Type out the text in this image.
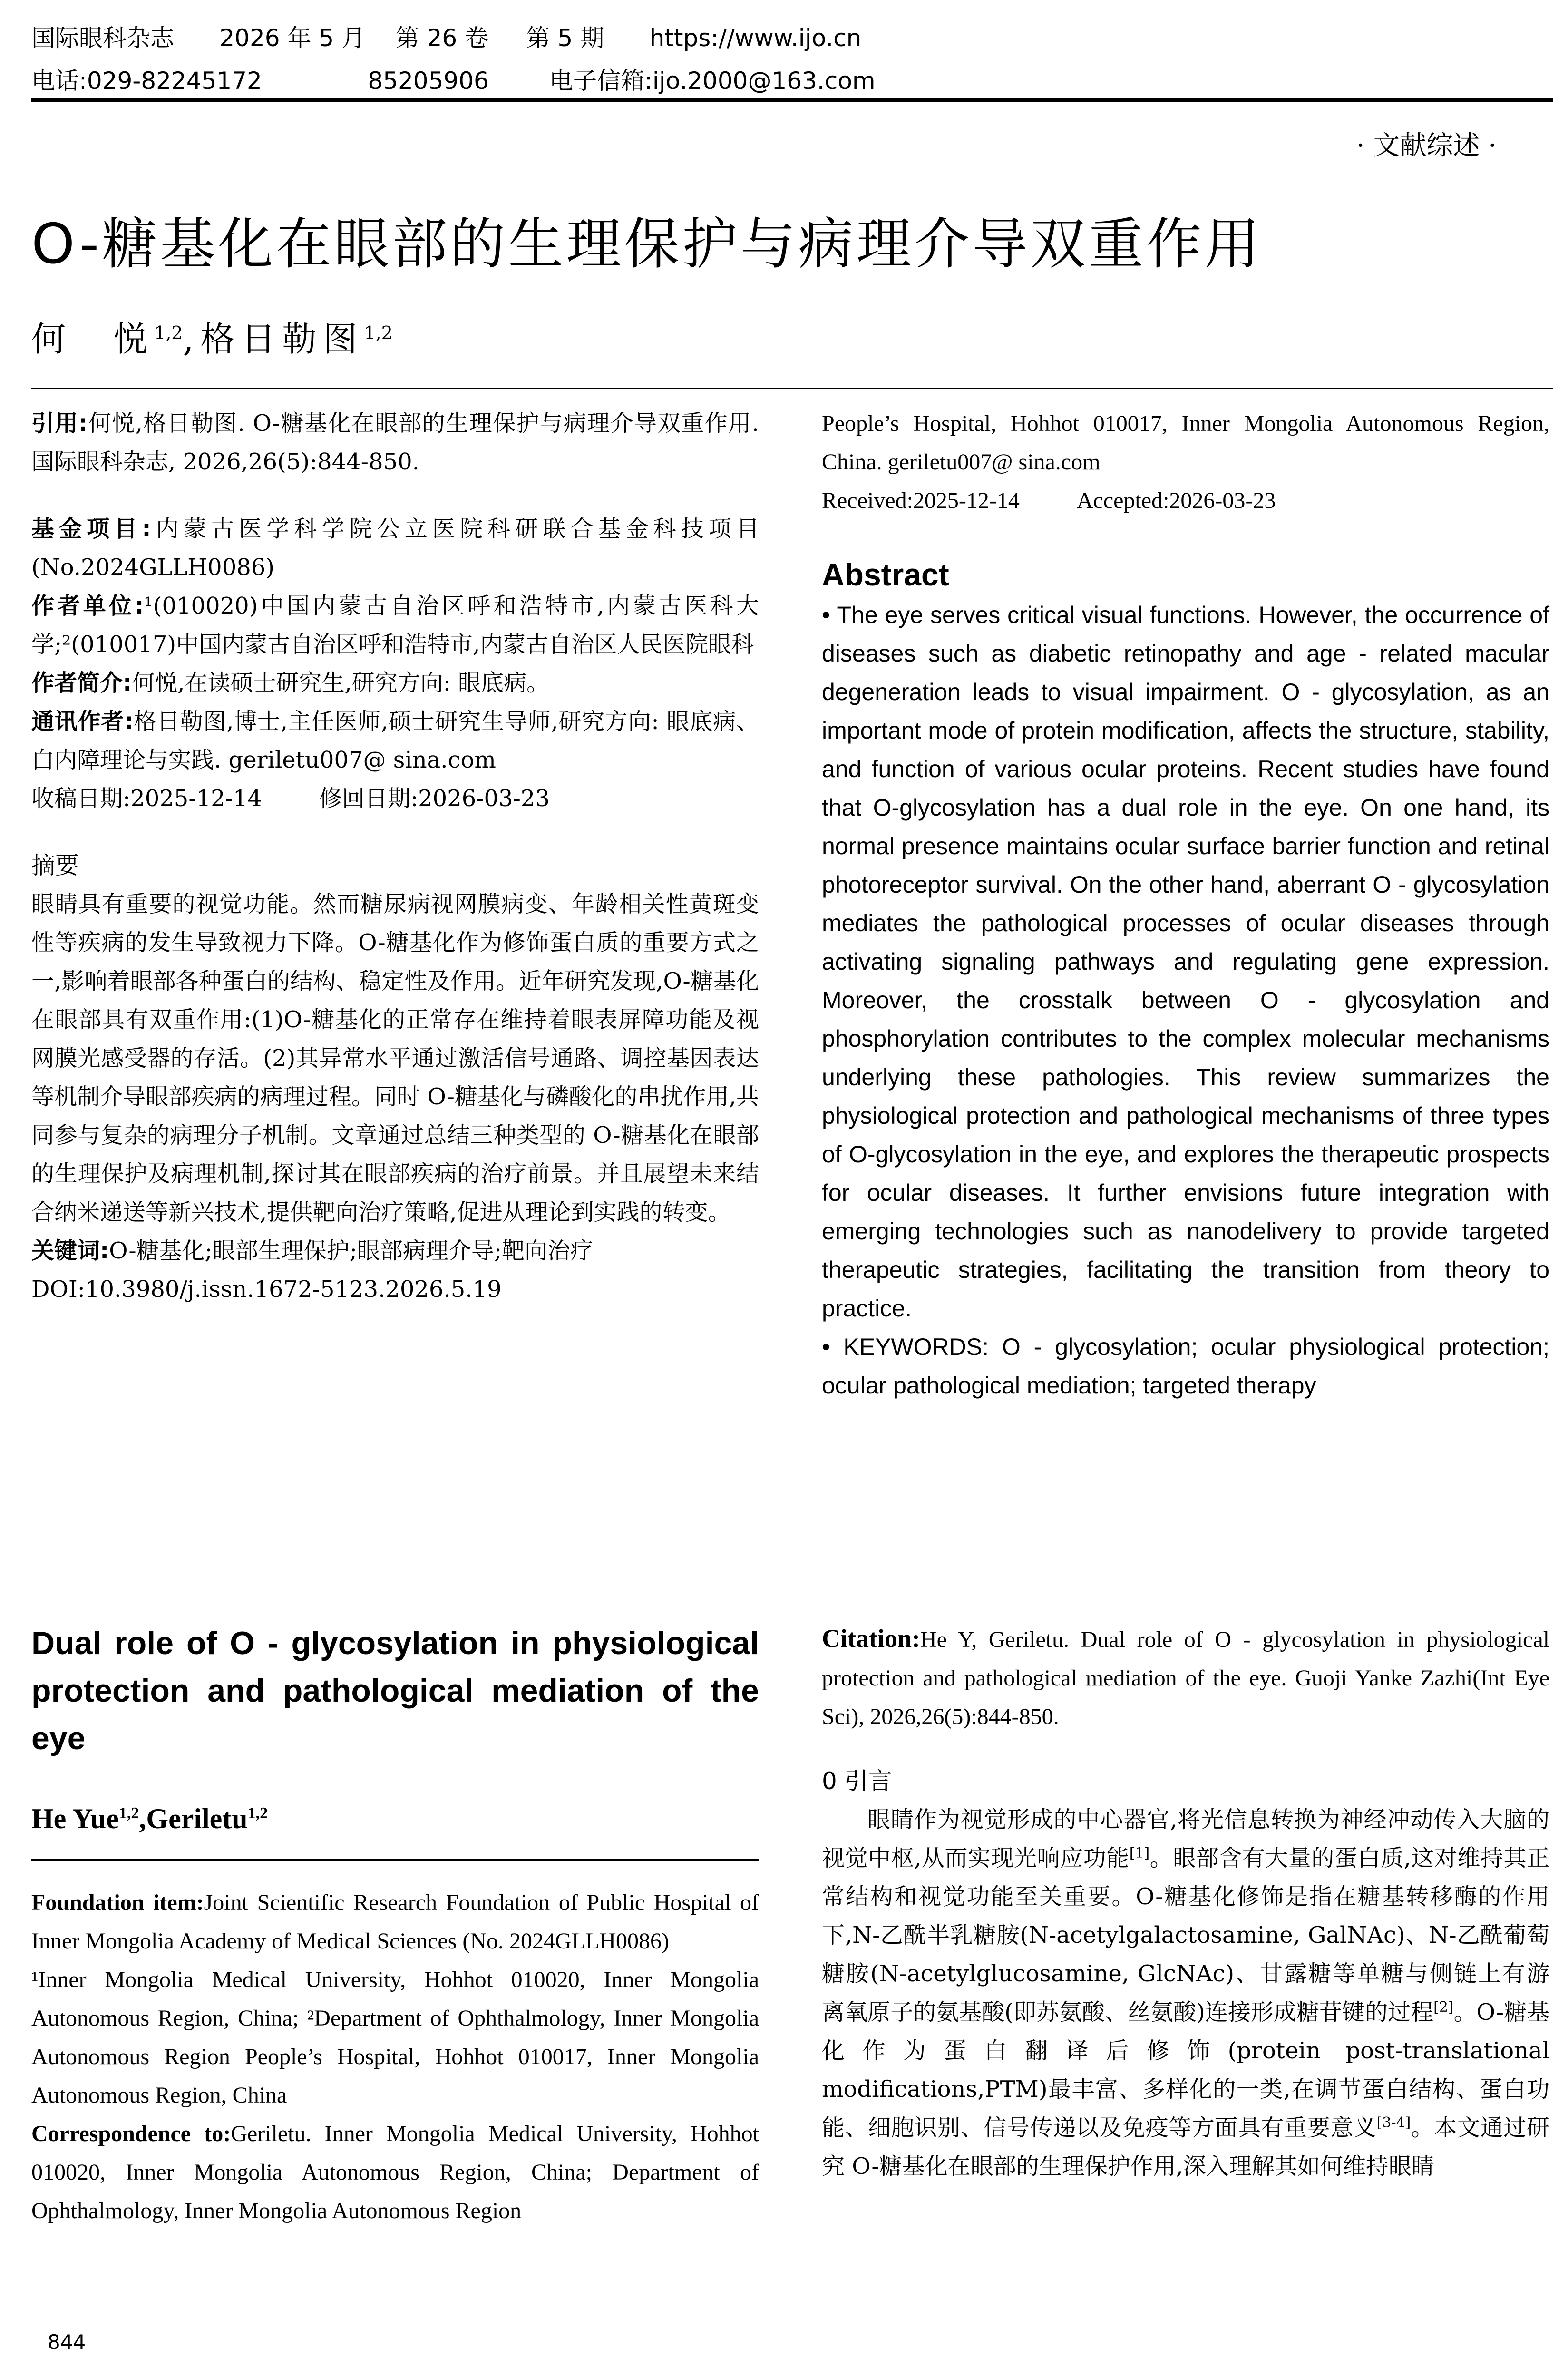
国际眼科杂志 2026 年 5 月 第 26 卷 第 5 期 https://www.ijo.cn
电话:029-82245172	85205906	电子信箱:ijo.2000@163.com
· 文献综述 ·
O-糖基化在眼部的生理保护与病理介导双重作用
何　悦$^{1,2}$,格日勒图$^{1,2}$

引用:何悦,格日勒图. O-糖基化在眼部的生理保护与病理介导双重作用. 国际眼科杂志, 2026,26(5):844-850.

基金项目:内蒙古医学科学院公立医院科研联合基金科技项目(No.2024GLLH0086)

作者单位:¹(010020)中国内蒙古自治区呼和浩特市,内蒙古医科大学;²(010017)中国内蒙古自治区呼和浩特市,内蒙古自治区人民医院眼科

作者简介:何悦,在读硕士研究生,研究方向: 眼底病。

通讯作者:格日勒图,博士,主任医师,硕士研究生导师,研究方向: 眼底病、白内障理论与实践. geriletu007@ sina.com

收稿日期:2025-12-14   	修回日期:2026-03-23

摘要

眼睛具有重要的视觉功能。然而糖尿病视网膜病变、年龄相关性黄斑变性等疾病的发生导致视力下降。O-糖基化作为修饰蛋白质的重要方式之一,影响着眼部各种蛋白的结构、稳定性及作用。近年研究发现,O-糖基化在眼部具有双重作用:(1)O-糖基化的正常存在维持着眼表屏障功能及视网膜光感受器的存活。(2)其异常水平通过激活信号通路、调控基因表达等机制介导眼部疾病的病理过程。同时 O-糖基化与磷酸化的串扰作用,共同参与复杂的病理分子机制。文章通过总结三种类型的 O-糖基化在眼部的生理保护及病理机制,探讨其在眼部疾病的治疗前景。并且展望未来结合纳米递送等新兴技术,提供靶向治疗策略,促进从理论到实践的转变。

关键词:O-糖基化;眼部生理保护;眼部病理介导;靶向治疗

DOI:10.3980/j.issn.1672-5123.2026.5.19

Dual role of O - glycosylation in physiological protection and pathological mediation of the eye
He Yue$^{1,2}$,Geriletu$^{1,2}$

Foundation item:Joint Scientific Research Foundation of Public Hospital of Inner Mongolia Academy of Medical Sciences (No. 2024GLLH0086)

¹Inner Mongolia Medical University, Hohhot 010020, Inner Mongolia Autonomous Region, China; ²Department of Ophthalmology, Inner Mongolia Autonomous Region People’s Hospital, Hohhot 010017, Inner Mongolia Autonomous Region, China

Correspondence to:Geriletu. Inner Mongolia Medical University, Hohhot 010020, Inner Mongolia Autonomous Region, China; Department of Ophthalmology, Inner Mongolia Autonomous Region

844

People’s Hospital, Hohhot 010017, Inner Mongolia Autonomous Region, China. geriletu007@ sina.com

Received:2025-12-14   	Accepted:2026-03-23

Abstract

• The eye serves critical visual functions. However, the occurrence of diseases such as diabetic retinopathy and age - related macular degeneration leads to visual impairment. O - glycosylation, as an important mode of protein modification, affects the structure, stability, and function of various ocular proteins. Recent studies have found that O-glycosylation has a dual role in the eye. On one hand, its normal presence maintains ocular surface barrier function and retinal photoreceptor survival. On the other hand, aberrant O - glycosylation mediates the pathological processes of ocular diseases through activating signaling pathways and regulating gene expression. Moreover, the crosstalk between O - glycosylation and phosphorylation contributes to the complex molecular mechanisms underlying these pathologies. This review summarizes the physiological protection and pathological mechanisms of three types of O-glycosylation in the eye, and explores the therapeutic prospects for ocular diseases. It further envisions future integration with emerging technologies such as nanodelivery to provide targeted therapeutic strategies, facilitating the transition from theory to practice.

• KEYWORDS: O - glycosylation; ocular physiological protection; ocular pathological mediation; targeted therapy

Citation:He Y, Geriletu. Dual role of O - glycosylation in physiological protection and pathological mediation of the eye. Guoji Yanke Zazhi(Int Eye Sci), 2026,26(5):844-850.

0 引言

眼睛作为视觉形成的中心器官,将光信息转换为神经冲动传入大脑的视觉中枢,从而实现光响应功能[1]。眼部含有大量的蛋白质,这对维持其正常结构和视觉功能至关重要。O-糖基化修饰是指在糖基转移酶的作用下,N-乙酰半乳糖胺(N-acetylgalactosamine, GalNAc)、N-乙酰葡萄糖胺(N-acetylglucosamine, GlcNAc)、甘露糖等单糖与侧链上有游离氧原子的氨基酸(即苏氨酸、丝氨酸)连接形成糖苷键的过程[2]。O-糖基化作为蛋白翻译后修饰(protein post-translational modifications,PTM)最丰富、多样化的一类,在调节蛋白结构、蛋白功能、细胞识别、信号传递以及免疫等方面具有重要意义[3-4]。本文通过研究 O-糖基化在眼部的生理保护作用,深入理解其如何维持眼睛
